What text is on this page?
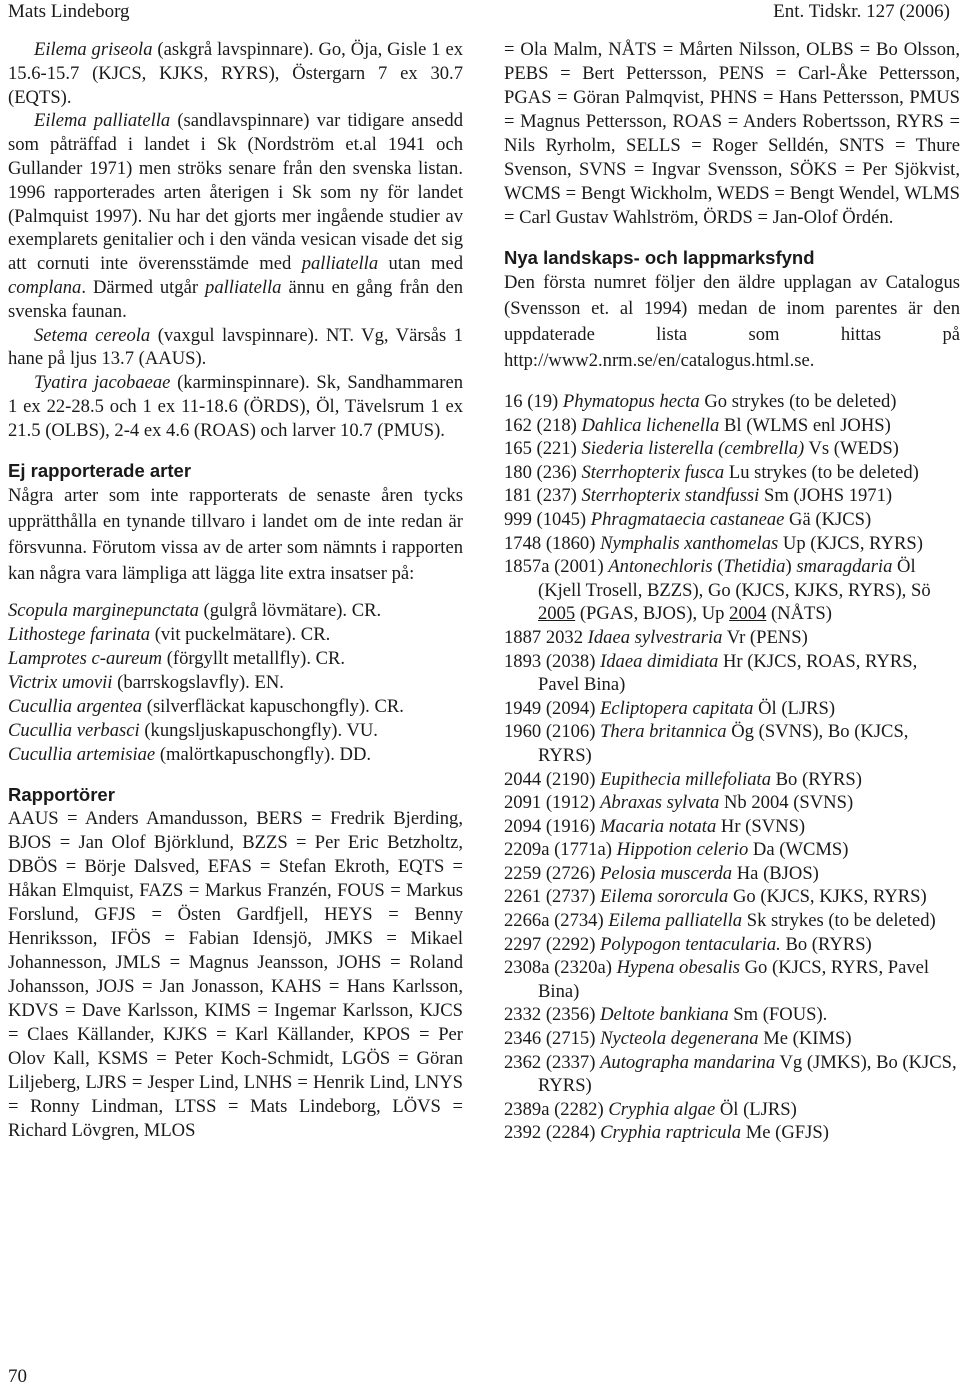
Mats Lindeborg	Ent. Tidskr. 127 (2006)

Eilema griseola (askgrå lavspinnare). Go, Öja, Gisle 1 ex 15.6-15.7 (KJCS, KJKS, RYRS), Östergarn 7 ex 30.7 (EQTS).

Eilema palliatella (sandlavspinnare) var tidigare ansedd som påträffad i landet i Sk (Nordström et.al 1941 och Gullander 1971) men ströks senare från den svenska listan. 1996 rapporterades arten återigen i Sk som ny för landet (Palmquist 1997). Nu har det gjorts mer ingående studier av exemplarets genitalier och i den vända vesican visade det sig att cornuti inte överensstämde med palliatella utan med complana. Därmed utgår palliatella ännu en gång från den svenska faunan.

Setema cereola (vaxgul lavspinnare). NT. Vg, Värsås 1 hane på ljus 13.7 (AAUS).

Tyatira jacobaeae (karminspinnare). Sk, Sandhammaren 1 ex 22-28.5 och 1 ex 11-18.6 (ÖRDS), Öl, Tävelsrum 1 ex 21.5 (OLBS), 2-4 ex 4.6 (ROAS) och larver 10.7 (PMUS).

Ej rapporterade arter

Några arter som inte rapporterats de senaste åren tycks upprätthålla en tynande tillvaro i landet om de inte redan är försvunna. Förutom vissa av de arter som nämnts i rapporten kan några vara lämpliga att lägga lite extra insatser på:

Scopula marginepunctata (gulgrå lövmätare). CR.

Lithostege farinata (vit puckelmätare). CR.

Lamprotes c-aureum (förgyllt metallfly). CR.

Victrix umovii (barrskogslavfly). EN.

Cucullia argentea (silverfläckat kapuschongfly). CR.

Cucullia verbasci (kungsljuskapuschongfly). VU.

Cucullia artemisiae (malörtkapuschongfly). DD.

Rapportörer

AAUS = Anders Amandusson, BERS = Fredrik Bjerding, BJOS = Jan Olof Björklund, BZZS = Per Eric Betzholtz, DBÖS = Börje Dalsved, EFAS = Stefan Ekroth, EQTS = Håkan Elmquist, FAZS = Markus Franzén, FOUS = Markus Forslund, GFJS = Östen Gardfjell, HEYS = Benny Henriksson, IFÖS = Fabian Idensjö, JMKS = Mikael Johannesson, JMLS = Magnus Jeansson, JOHS = Roland Johansson, JOJS = Jan Jonasson, KAHS = Hans Karlsson, KDVS = Dave Karlsson, KIMS = Ingemar Karlsson, KJCS = Claes Källander, KJKS = Karl Källander, KPOS = Per Olov Kall, KSMS = Peter Koch-Schmidt, LGÖS = Göran Liljeberg, LJRS = Jesper Lind, LNHS = Henrik Lind, LNYS = Ronny Lindman, LTSS = Mats Lindeborg, LÖVS = Richard Lövgren, MLOS

= Ola Malm, NÅTS = Mårten Nilsson, OLBS = Bo Olsson, PEBS = Bert Pettersson, PENS = Carl-Åke Pettersson, PGAS = Göran Palmqvist, PHNS = Hans Pettersson, PMUS = Magnus Pettersson, ROAS = Anders Robertsson, RYRS = Nils Ryrholm, SELLS = Roger Selldén, SNTS = Thure Svenson, SVNS = Ingvar Svensson, SÖKS = Per Sjökvist, WCMS = Bengt Wickholm, WEDS = Bengt Wendel, WLMS = Carl Gustav Wahlström, ÖRDS = Jan-Olof Ördén.

Nya landskaps- och lappmarksfynd

Den första numret följer den äldre upplagan av Catalogus (Svensson et. al 1994) medan de inom parentes är den uppdaterade lista som hittas på http://www2.nrm.se/en/catalogus.html.se.

16 (19) Phymatopus hecta Go strykes (to be deleted)

162 (218) Dahlica lichenella Bl (WLMS enl JOHS)

165 (221) Siederia listerella (cembrella) Vs (WEDS)

180 (236) Sterrhopterix fusca Lu strykes (to be deleted)

181 (237) Sterrhopterix standfussi Sm (JOHS 1971)

999 (1045) Phragmataecia castaneae Gä (KJCS)

1748 (1860) Nymphalis xanthomelas Up (KJCS, RYRS)

1857a (2001) Antonechloris (Thetidia) smaragdaria Öl (Kjell Trosell, BZZS), Go (KJCS, KJKS, RYRS), Sö 2005 (PGAS, BJOS), Up 2004 (NÅTS)

1887 2032 Idaea sylvestraria Vr (PENS)

1893 (2038) Idaea dimidiata Hr (KJCS, ROAS, RYRS, Pavel Bina)

1949 (2094) Ecliptopera capitata Öl (LJRS)

1960 (2106) Thera britannica Ög (SVNS), Bo (KJCS, RYRS)

2044 (2190) Eupithecia millefoliata Bo (RYRS)

2091 (1912) Abraxas sylvata Nb 2004 (SVNS)

2094 (1916) Macaria notata Hr (SVNS)

2209a (1771a) Hippotion celerio Da (WCMS)

2259 (2726) Pelosia muscerda Ha (BJOS)

2261 (2737) Eilema sororcula Go (KJCS, KJKS, RYRS)

2266a (2734) Eilema palliatella Sk strykes (to be deleted)

2297 (2292) Polypogon tentacularia. Bo (RYRS)

2308a (2320a) Hypena obesalis Go (KJCS, RYRS, Pavel Bina)

2332 (2356) Deltote bankiana Sm (FOUS).

2346 (2715) Nycteola degenerana Me (KIMS)

2362 (2337) Autographa mandarina Vg (JMKS), Bo (KJCS, RYRS)

2389a (2282) Cryphia algae Öl (LJRS)

2392 (2284) Cryphia raptricula Me (GFJS)

70
